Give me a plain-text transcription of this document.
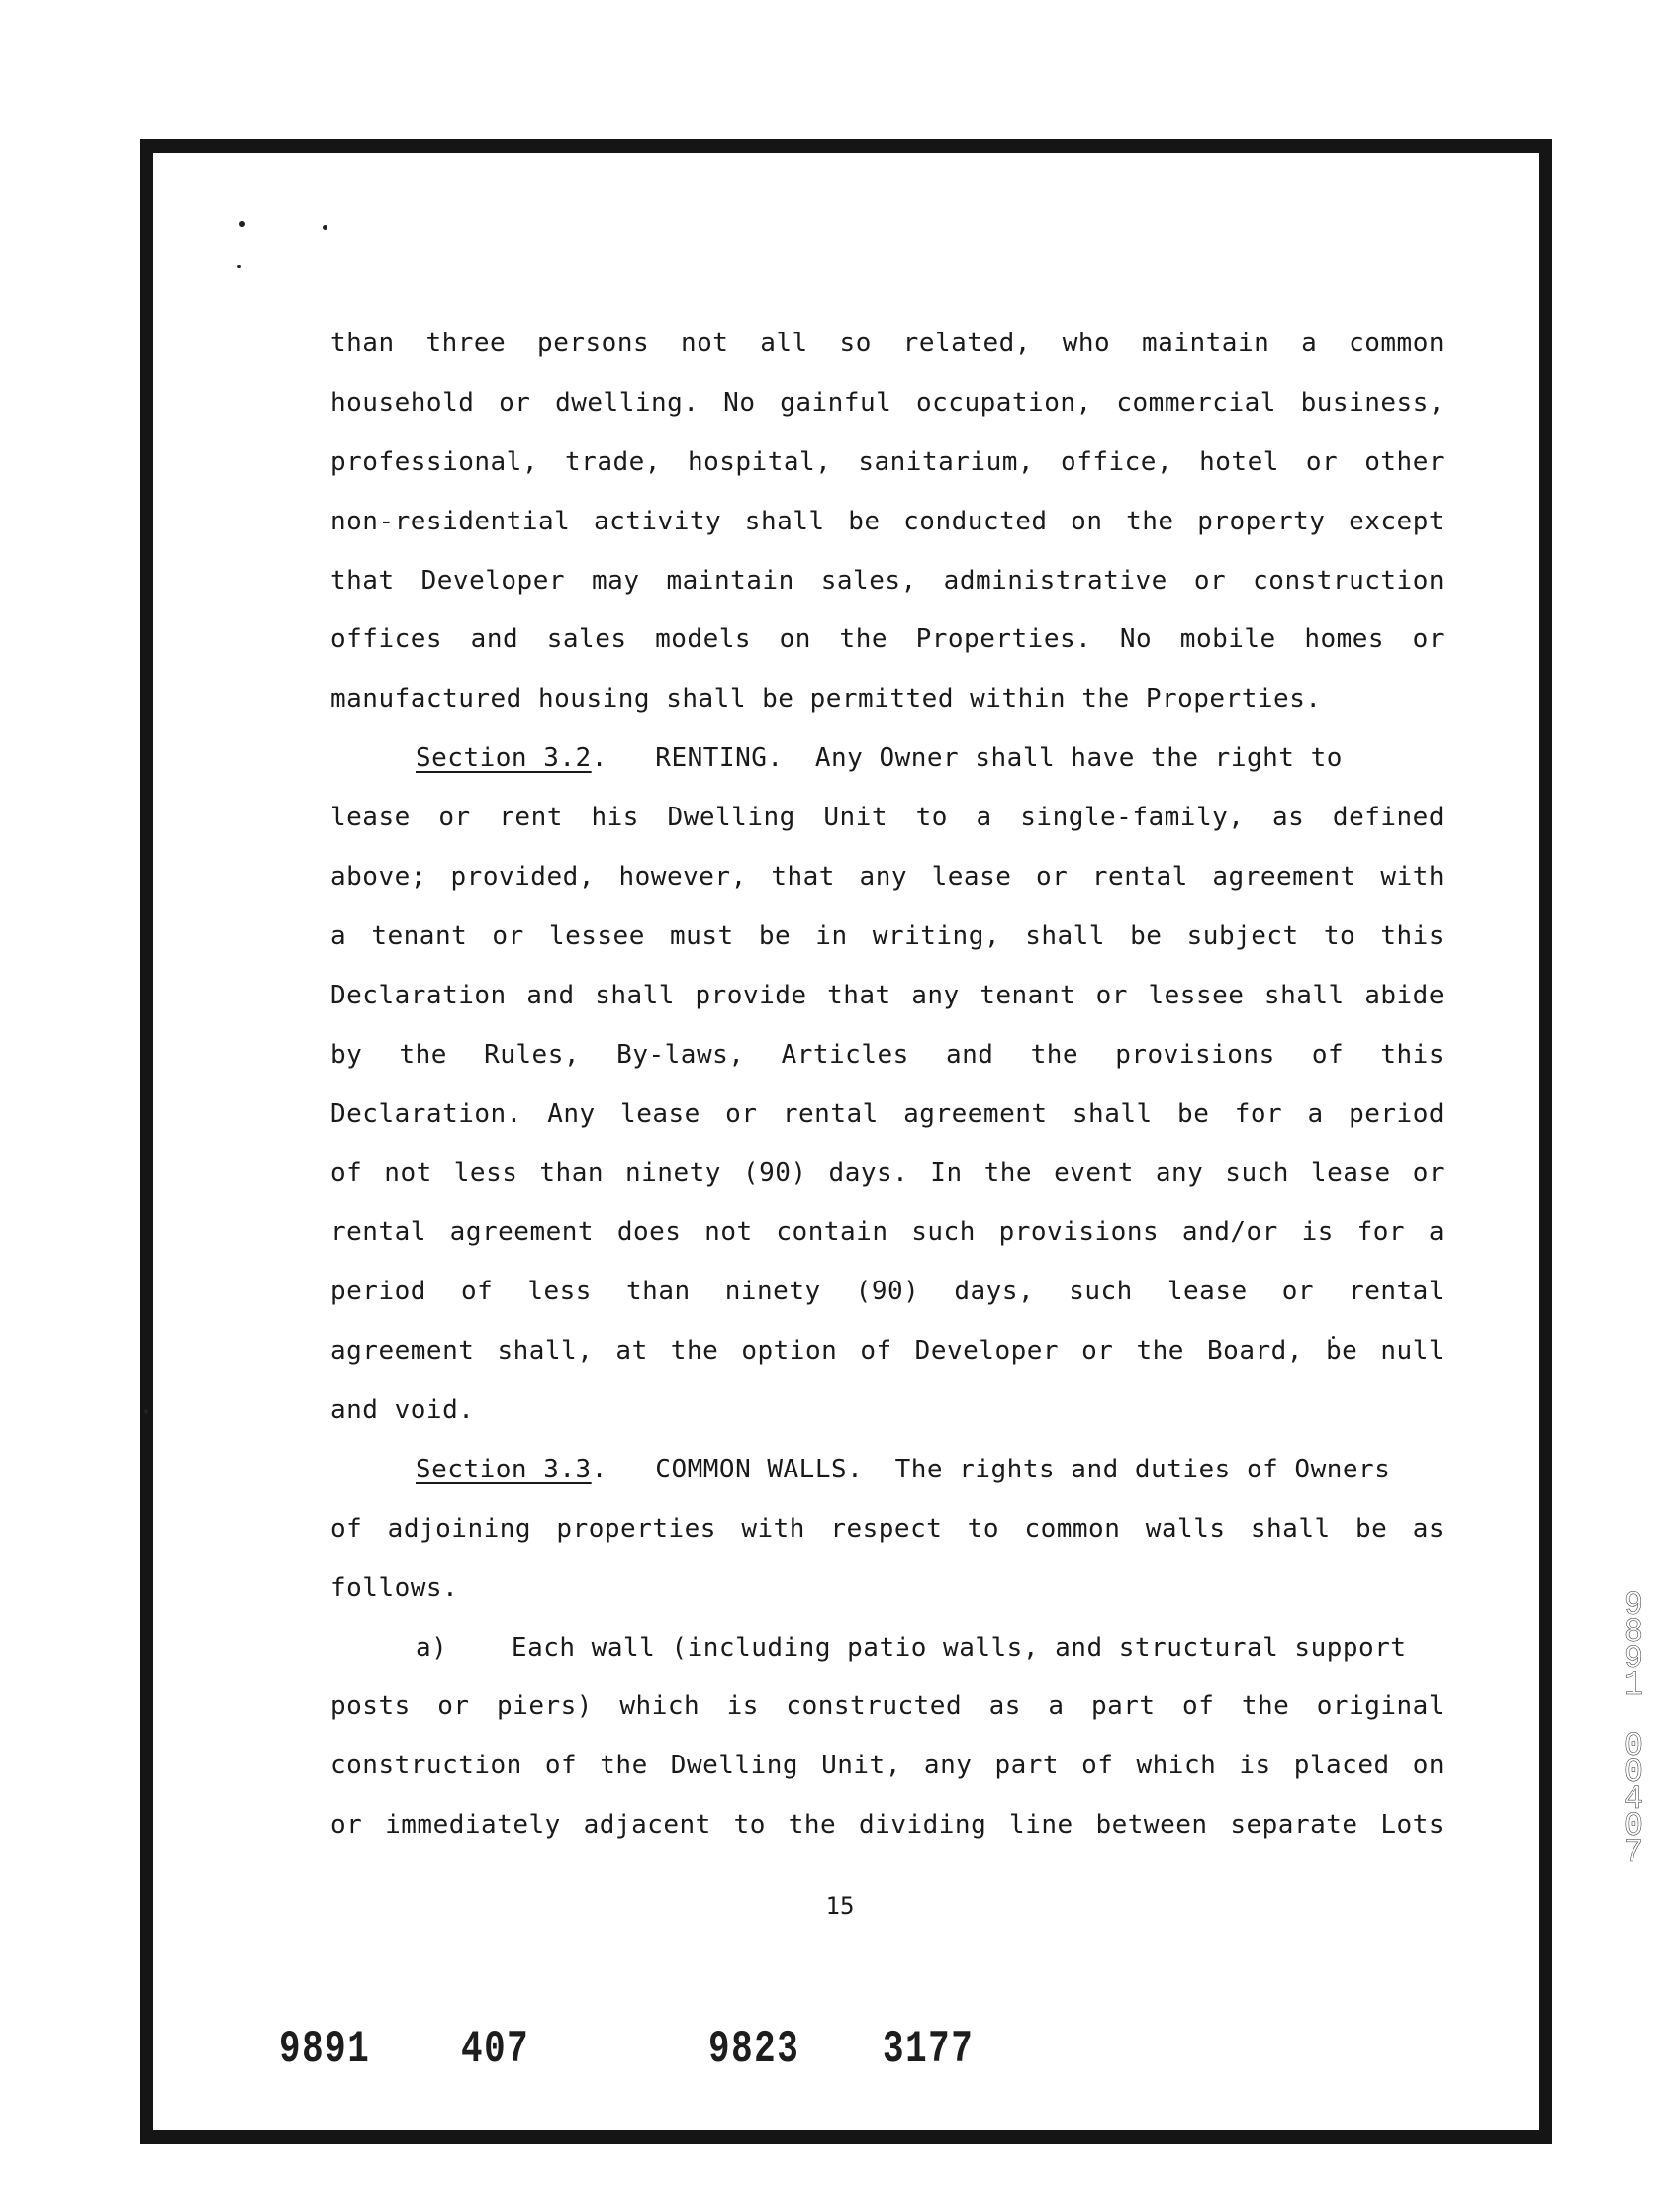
than three persons not all so related, who maintain a common
household or dwelling. No gainful occupation, commercial business,
professional, trade, hospital, sanitarium, office, hotel or other
non-residential activity shall be conducted on the property except
that Developer may maintain sales, administrative or construction
offices and sales models on the Properties. No mobile homes or
manufactured housing shall be permitted within the Properties.

Section 3.2.   RENTING.  Any Owner shall have the right to
lease or rent his Dwelling Unit to a single-family, as defined
above; provided, however, that any lease or rental agreement with
a tenant or lessee must be in writing, shall be subject to this
Declaration and shall provide that any tenant or lessee shall abide
by the Rules, By-laws, Articles and the provisions of this
Declaration. Any lease or rental agreement shall be for a period
of not less than ninety (90) days. In the event any such lease or
rental agreement does not contain such provisions and/or is for a
period of less than ninety (90) days, such lease or rental
agreement shall, at the option of Developer or the Board, be null
and void.

Section 3.3.   COMMON WALLS.  The rights and duties of Owners
of adjoining properties with respect to common walls shall be as
follows.

a)    Each wall (including patio walls, and structural support
posts or piers) which is constructed as a part of the original
construction of the Dwelling Unit, any part of which is placed on
or immediately adjacent to the dividing line between separate Lots

15
9891 407	9823 3177
9
8
9
1
0
0
4
0
7
